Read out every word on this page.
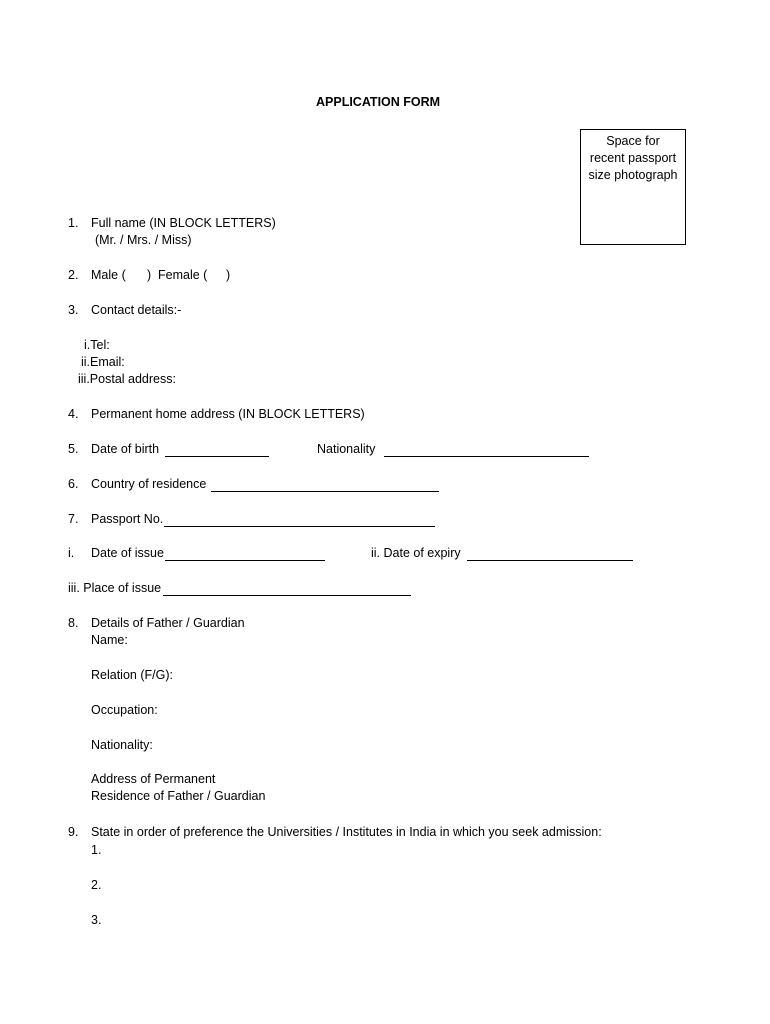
APPLICATION FORM
Space for
recent passport
size photograph
1. Full name (IN BLOCK LETTERS)
(Mr. / Mrs. / Miss)
2. Male ( ) Female ( )
3. Contact details:-
i.Tel:
ii.Email:
iii.Postal address:
4. Permanent home address (IN BLOCK LETTERS)
5. Date of birth	Nationality
6. Country of residence
7. Passport No.
i. Date of issue	ii. Date of expiry
iii. Place of issue
8. Details of Father / Guardian
Name:
Relation (F/G):
Occupation:
Nationality:
Address of Permanent
Residence of Father / Guardian
9. State in order of preference the Universities / Institutes in India in which you seek admission:
1.
2.
3.
